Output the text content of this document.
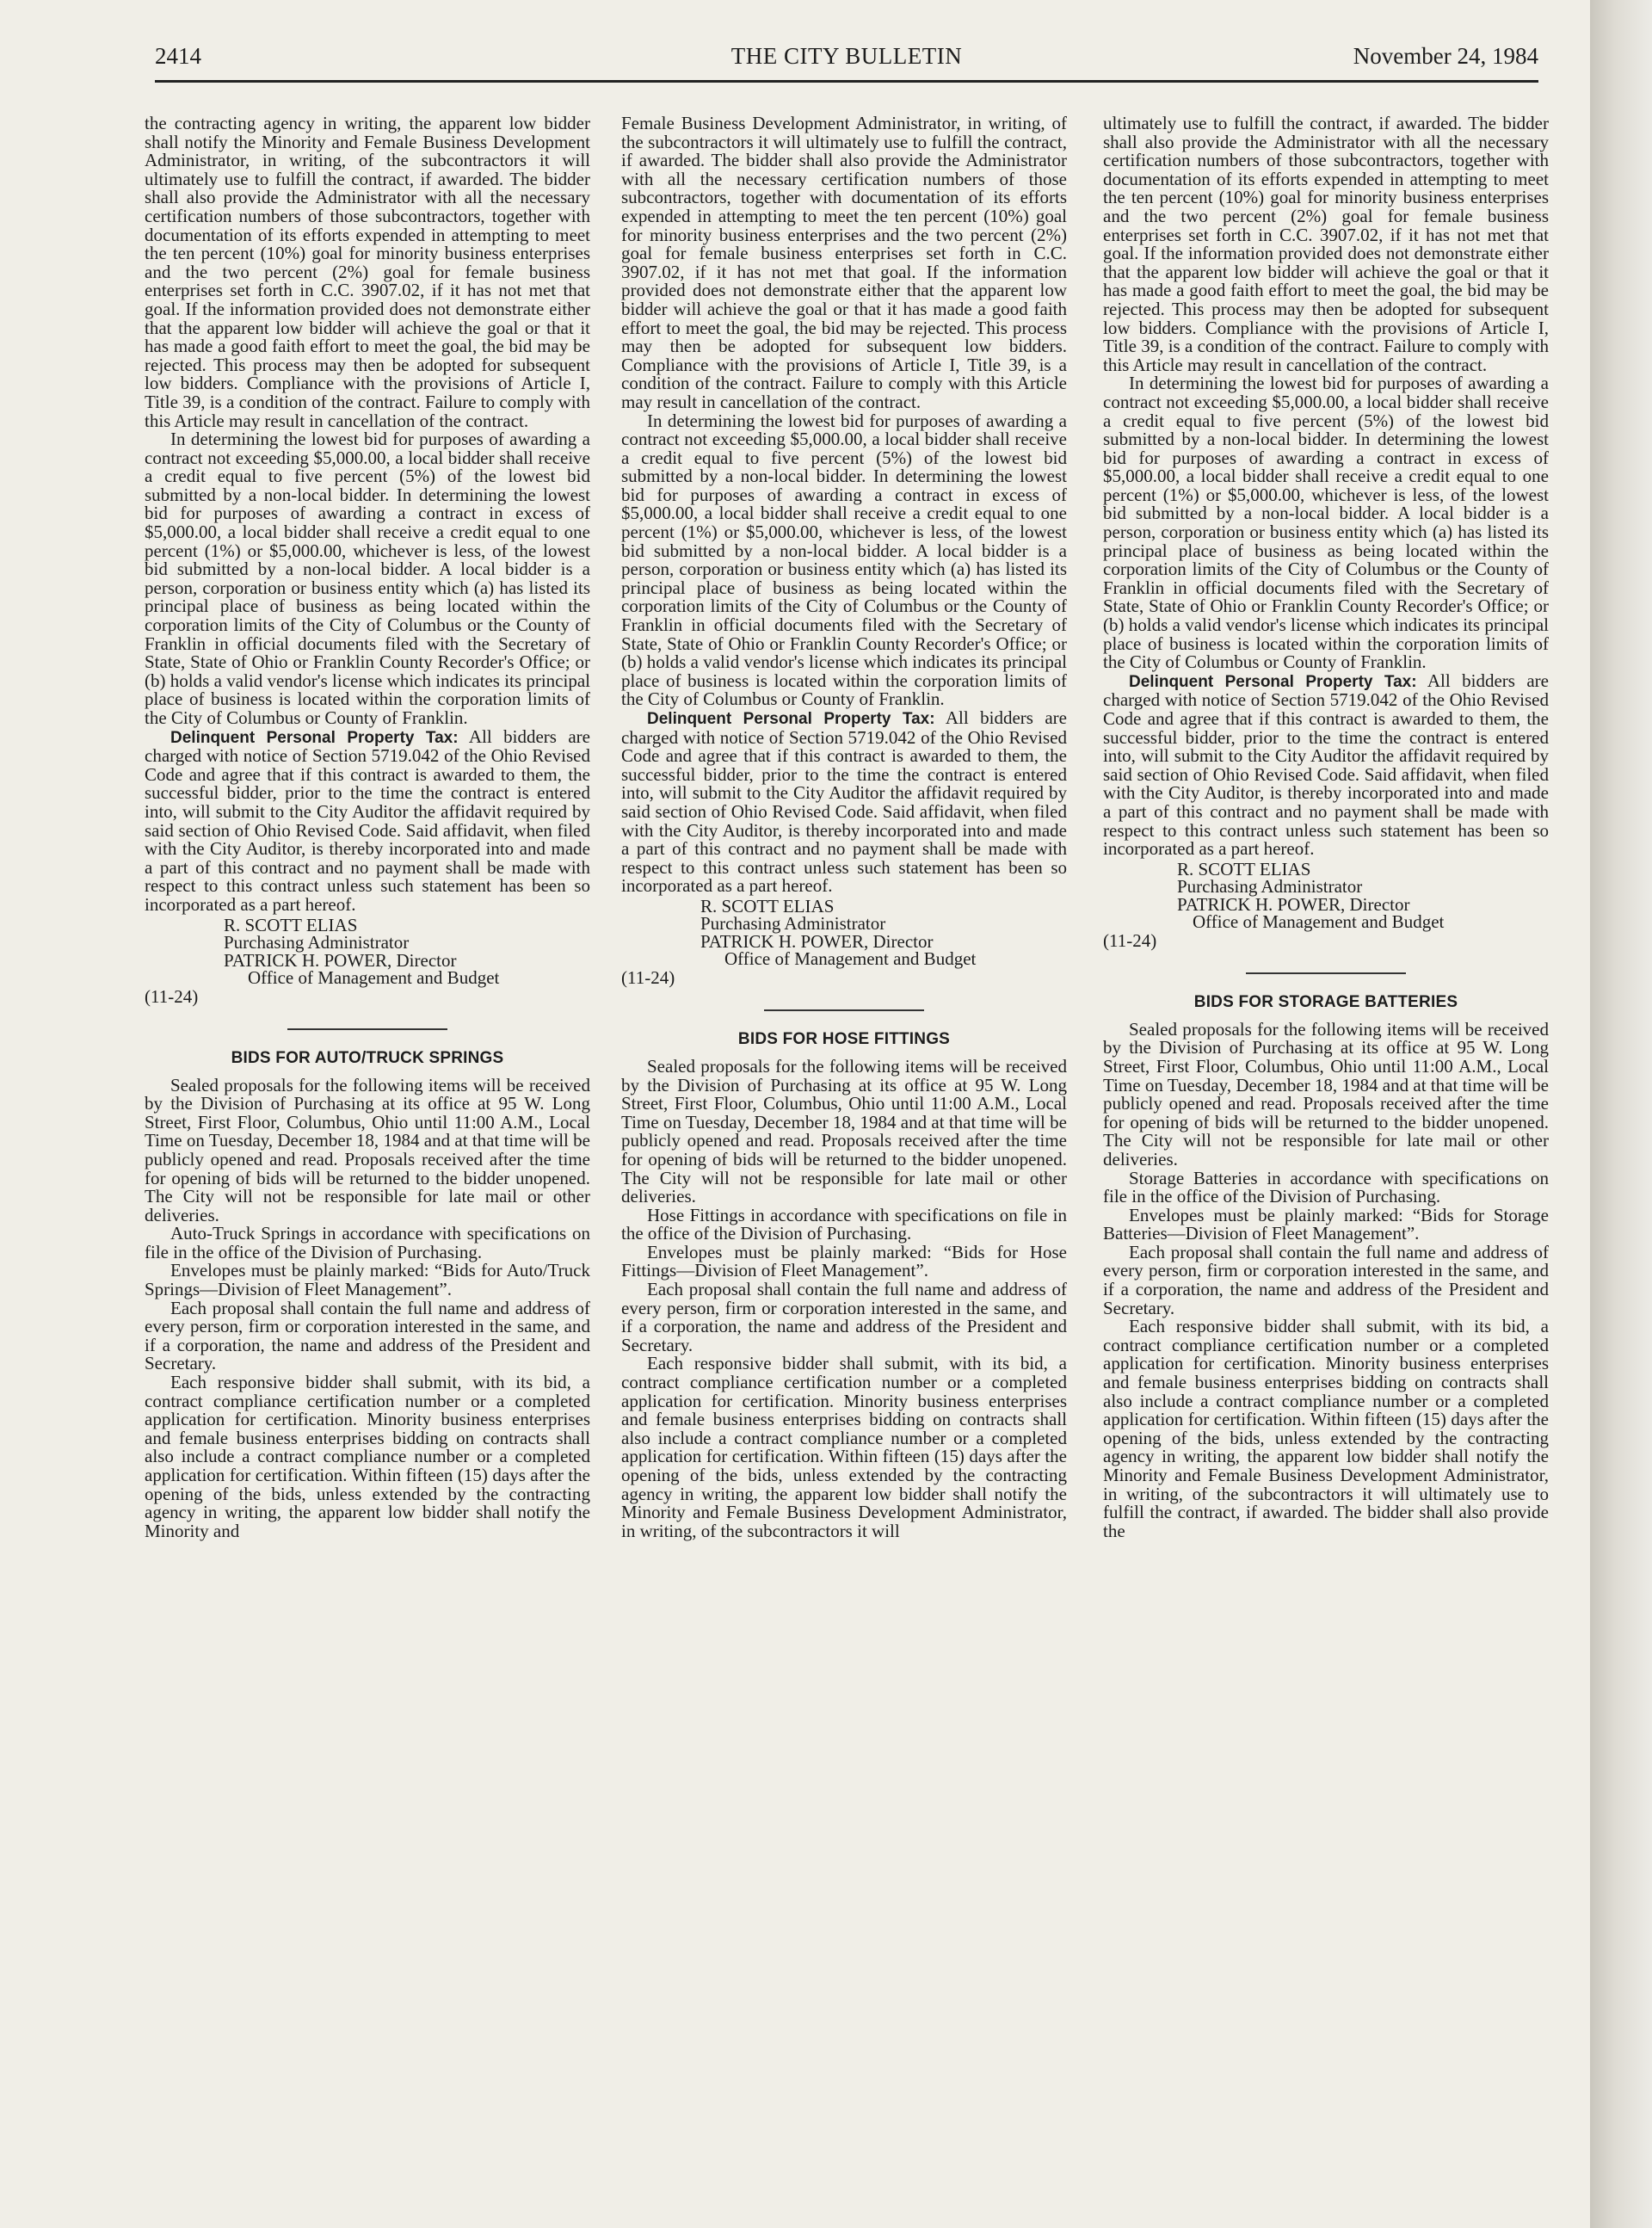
2414	THE CITY BULLETIN	November 24, 1984

the contracting agency in writing, the apparent low bidder shall notify the Minority and Female Business Development Administrator, in writing, of the subcontractors it will ultimately use to fulfill the contract, if awarded. The bidder shall also provide the Administrator with all the necessary certification numbers of those subcontractors, together with documentation of its efforts expended in attempting to meet the ten percent (10%) goal for minority business enterprises and the two percent (2%) goal for female business enterprises set forth in C.C. 3907.02, if it has not met that goal. If the information provided does not demonstrate either that the apparent low bidder will achieve the goal or that it has made a good faith effort to meet the goal, the bid may be rejected. This process may then be adopted for subsequent low bidders. Compliance with the provisions of Article I, Title 39, is a condition of the contract. Failure to comply with this Article may result in cancellation of the contract.

In determining the lowest bid for purposes of awarding a contract not exceeding $5,000.00, a local bidder shall receive a credit equal to five percent (5%) of the lowest bid submitted by a non-local bidder. In determining the lowest bid for purposes of awarding a contract in excess of $5,000.00, a local bidder shall receive a credit equal to one percent (1%) or $5,000.00, whichever is less, of the lowest bid submitted by a non-local bidder. A local bidder is a person, corporation or business entity which (a) has listed its principal place of business as being located within the corporation limits of the City of Columbus or the County of Franklin in official documents filed with the Secretary of State, State of Ohio or Franklin County Recorder's Office; or (b) holds a valid vendor's license which indicates its principal place of business is located within the corporation limits of the City of Columbus or County of Franklin.

Delinquent Personal Property Tax: All bidders are charged with notice of Section 5719.042 of the Ohio Revised Code and agree that if this contract is awarded to them, the successful bidder, prior to the time the contract is entered into, will submit to the City Auditor the affidavit required by said section of Ohio Revised Code. Said affidavit, when filed with the City Auditor, is thereby incorporated into and made a part of this contract and no payment shall be made with respect to this contract unless such statement has been so incorporated as a part hereof.

R. SCOTT ELIAS
Purchasing Administrator
PATRICK H. POWER, Director
Office of Management and Budget
(11-24)
BIDS FOR AUTO/TRUCK SPRINGS

Sealed proposals for the following items will be received by the Division of Purchasing at its office at 95 W. Long Street, First Floor, Columbus, Ohio until 11:00 A.M., Local Time on Tuesday, December 18, 1984 and at that time will be publicly opened and read. Proposals received after the time for opening of bids will be returned to the bidder unopened. The City will not be responsible for late mail or other deliveries.

Auto-Truck Springs in accordance with specifications on file in the office of the Division of Purchasing.

Envelopes must be plainly marked: “Bids for Auto/Truck Springs—Division of Fleet Management”.

Each proposal shall contain the full name and address of every person, firm or corporation interested in the same, and if a corporation, the name and address of the President and Secretary.

Each responsive bidder shall submit, with its bid, a contract compliance certification number or a completed application for certification. Minority business enterprises and female business enterprises bidding on contracts shall also include a contract compliance number or a completed application for certification. Within fifteen (15) days after the opening of the bids, unless extended by the contracting agency in writing, the apparent low bidder shall notify the Minority and

Female Business Development Administrator, in writing, of the subcontractors it will ultimately use to fulfill the contract, if awarded. The bidder shall also provide the Administrator with all the necessary certification numbers of those subcontractors, together with documentation of its efforts expended in attempting to meet the ten percent (10%) goal for minority business enterprises and the two percent (2%) goal for female business enterprises set forth in C.C. 3907.02, if it has not met that goal. If the information provided does not demonstrate either that the apparent low bidder will achieve the goal or that it has made a good faith effort to meet the goal, the bid may be rejected. This process may then be adopted for subsequent low bidders. Compliance with the provisions of Article I, Title 39, is a condition of the contract. Failure to comply with this Article may result in cancellation of the contract.

In determining the lowest bid for purposes of awarding a contract not exceeding $5,000.00, a local bidder shall receive a credit equal to five percent (5%) of the lowest bid submitted by a non-local bidder. In determining the lowest bid for purposes of awarding a contract in excess of $5,000.00, a local bidder shall receive a credit equal to one percent (1%) or $5,000.00, whichever is less, of the lowest bid submitted by a non-local bidder. A local bidder is a person, corporation or business entity which (a) has listed its principal place of business as being located within the corporation limits of the City of Columbus or the County of Franklin in official documents filed with the Secretary of State, State of Ohio or Franklin County Recorder's Office; or (b) holds a valid vendor's license which indicates its principal place of business is located within the corporation limits of the City of Columbus or County of Franklin.

Delinquent Personal Property Tax: All bidders are charged with notice of Section 5719.042 of the Ohio Revised Code and agree that if this contract is awarded to them, the successful bidder, prior to the time the contract is entered into, will submit to the City Auditor the affidavit required by said section of Ohio Revised Code. Said affidavit, when filed with the City Auditor, is thereby incorporated into and made a part of this contract and no payment shall be made with respect to this contract unless such statement has been so incorporated as a part hereof.

R. SCOTT ELIAS
Purchasing Administrator
PATRICK H. POWER, Director
Office of Management and Budget
(11-24)
BIDS FOR HOSE FITTINGS

Sealed proposals for the following items will be received by the Division of Purchasing at its office at 95 W. Long Street, First Floor, Columbus, Ohio until 11:00 A.M., Local Time on Tuesday, December 18, 1984 and at that time will be publicly opened and read. Proposals received after the time for opening of bids will be returned to the bidder unopened. The City will not be responsible for late mail or other deliveries.

Hose Fittings in accordance with specifications on file in the office of the Division of Purchasing.

Envelopes must be plainly marked: “Bids for Hose Fittings—Division of Fleet Management”.

Each proposal shall contain the full name and address of every person, firm or corporation interested in the same, and if a corporation, the name and address of the President and Secretary.

Each responsive bidder shall submit, with its bid, a contract compliance certification number or a completed application for certification. Minority business enterprises and female business enterprises bidding on contracts shall also include a contract compliance number or a completed application for certification. Within fifteen (15) days after the opening of the bids, unless extended by the contracting agency in writing, the apparent low bidder shall notify the Minority and Female Business Development Administrator, in writing, of the subcontractors it will

ultimately use to fulfill the contract, if awarded. The bidder shall also provide the Administrator with all the necessary certification numbers of those subcontractors, together with documentation of its efforts expended in attempting to meet the ten percent (10%) goal for minority business enterprises and the two percent (2%) goal for female business enterprises set forth in C.C. 3907.02, if it has not met that goal. If the information provided does not demonstrate either that the apparent low bidder will achieve the goal or that it has made a good faith effort to meet the goal, the bid may be rejected. This process may then be adopted for subsequent low bidders. Compliance with the provisions of Article I, Title 39, is a condition of the contract. Failure to comply with this Article may result in cancellation of the contract.

In determining the lowest bid for purposes of awarding a contract not exceeding $5,000.00, a local bidder shall receive a credit equal to five percent (5%) of the lowest bid submitted by a non-local bidder. In determining the lowest bid for purposes of awarding a contract in excess of $5,000.00, a local bidder shall receive a credit equal to one percent (1%) or $5,000.00, whichever is less, of the lowest bid submitted by a non-local bidder. A local bidder is a person, corporation or business entity which (a) has listed its principal place of business as being located within the corporation limits of the City of Columbus or the County of Franklin in official documents filed with the Secretary of State, State of Ohio or Franklin County Recorder's Office; or (b) holds a valid vendor's license which indicates its principal place of business is located within the corporation limits of the City of Columbus or County of Franklin.

Delinquent Personal Property Tax: All bidders are charged with notice of Section 5719.042 of the Ohio Revised Code and agree that if this contract is awarded to them, the successful bidder, prior to the time the contract is entered into, will submit to the City Auditor the affidavit required by said section of Ohio Revised Code. Said affidavit, when filed with the City Auditor, is thereby incorporated into and made a part of this contract and no payment shall be made with respect to this contract unless such statement has been so incorporated as a part hereof.

R. SCOTT ELIAS
Purchasing Administrator
PATRICK H. POWER, Director
Office of Management and Budget
(11-24)
BIDS FOR STORAGE BATTERIES

Sealed proposals for the following items will be received by the Division of Purchasing at its office at 95 W. Long Street, First Floor, Columbus, Ohio until 11:00 A.M., Local Time on Tuesday, December 18, 1984 and at that time will be publicly opened and read. Proposals received after the time for opening of bids will be returned to the bidder unopened. The City will not be responsible for late mail or other deliveries.

Storage Batteries in accordance with specifications on file in the office of the Division of Purchasing.

Envelopes must be plainly marked: “Bids for Storage Batteries—Division of Fleet Management”.

Each proposal shall contain the full name and address of every person, firm or corporation interested in the same, and if a corporation, the name and address of the President and Secretary.

Each responsive bidder shall submit, with its bid, a contract compliance certification number or a completed application for certification. Minority business enterprises and female business enterprises bidding on contracts shall also include a contract compliance number or a completed application for certification. Within fifteen (15) days after the opening of the bids, unless extended by the contracting agency in writing, the apparent low bidder shall notify the Minority and Female Business Development Administrator, in writing, of the subcontractors it will ultimately use to fulfill the contract, if awarded. The bidder shall also provide the
